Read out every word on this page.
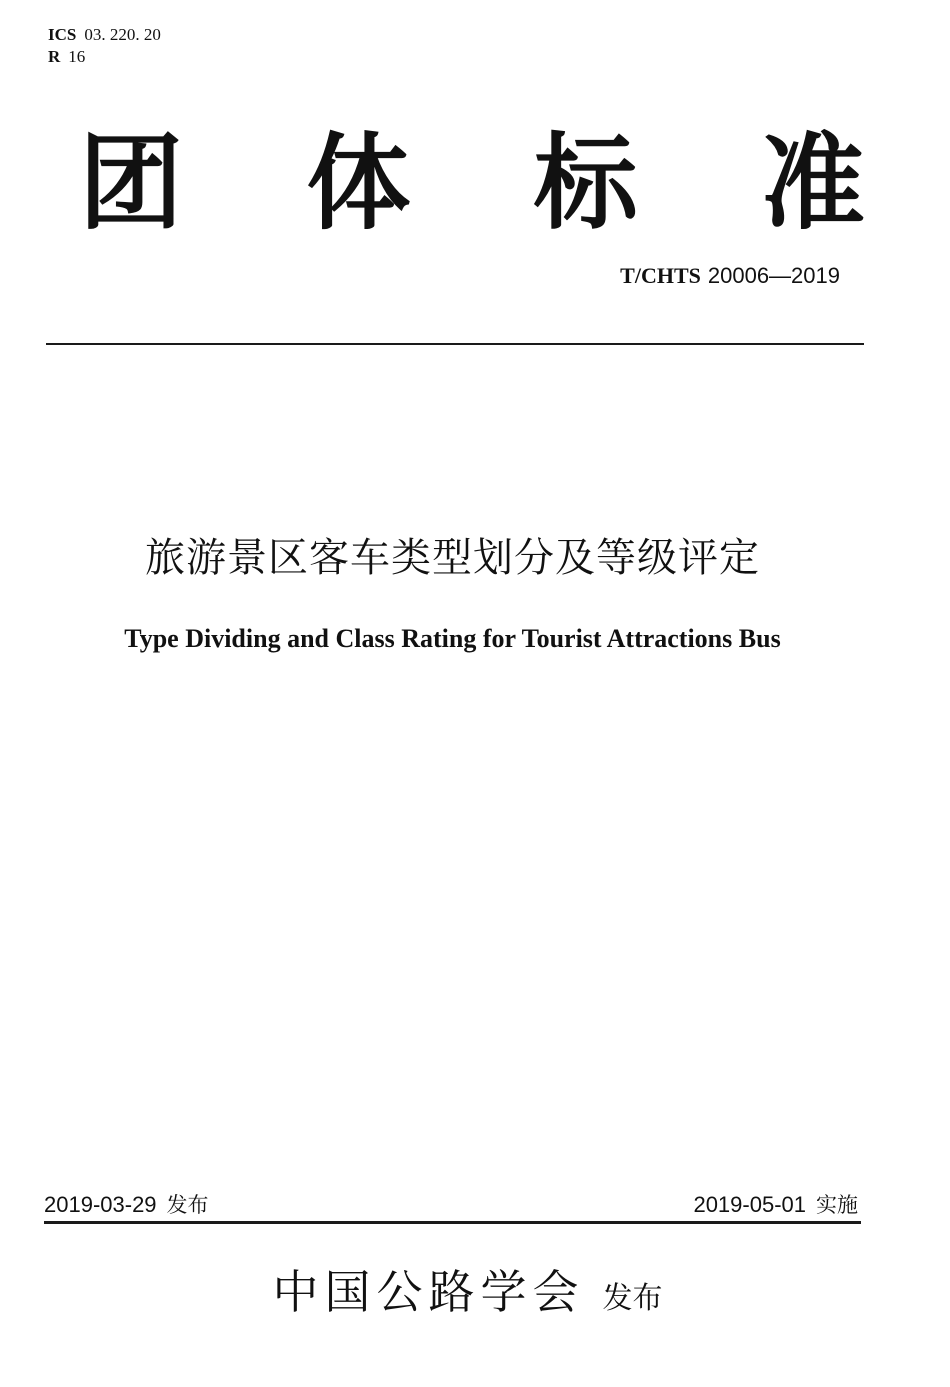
ICS 03. 220. 20
R 16
团 体 标 准
T/CHTS 20006—2019
旅游景区客车类型划分及等级评定
Type Dividing and Class Rating for Tourist Attractions Bus
2019-03-29 发布	2019-05-01 实施
中国公路学会 发布
